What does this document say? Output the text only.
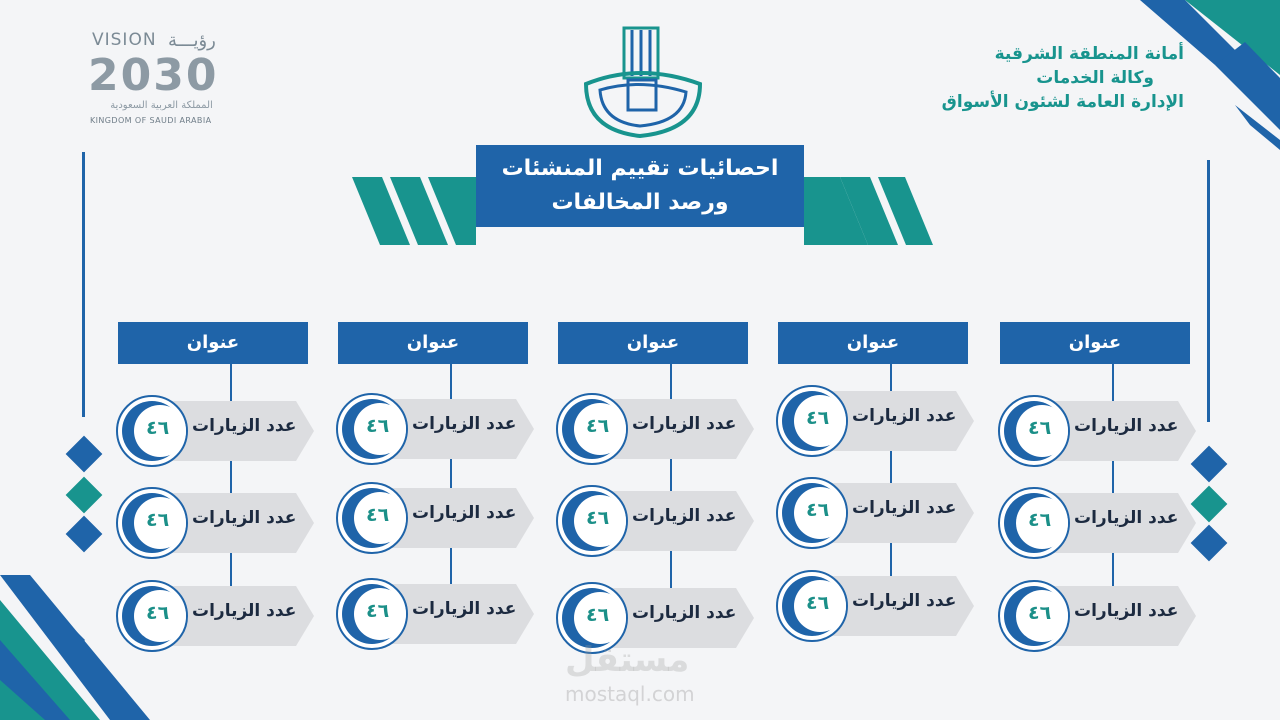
VISION رؤيـــة
2030
المملكة العربية السعودية
KINGDOM OF SAUDI ARABIA
أمانة المنطقة الشرقية
وكالة الخدمات
الإدارة العامة لشئون الأسواق
احصائيات تقييم المنشئات
ورصد المخالفات
عنوان
٤٦ عدد الزيارات
٤٦ عدد الزيارات
٤٦ عدد الزيارات
عنوان
٤٦ عدد الزيارات
٤٦ عدد الزيارات
٤٦ عدد الزيارات
عنوان
٤٦ عدد الزيارات
٤٦ عدد الزيارات
٤٦ عدد الزيارات
عنوان
٤٦ عدد الزيارات
٤٦ عدد الزيارات
٤٦ عدد الزيارات
عنوان
٤٦ عدد الزيارات
٤٦ عدد الزيارات
٤٦ عدد الزيارات
مستقل
mostaql.com
